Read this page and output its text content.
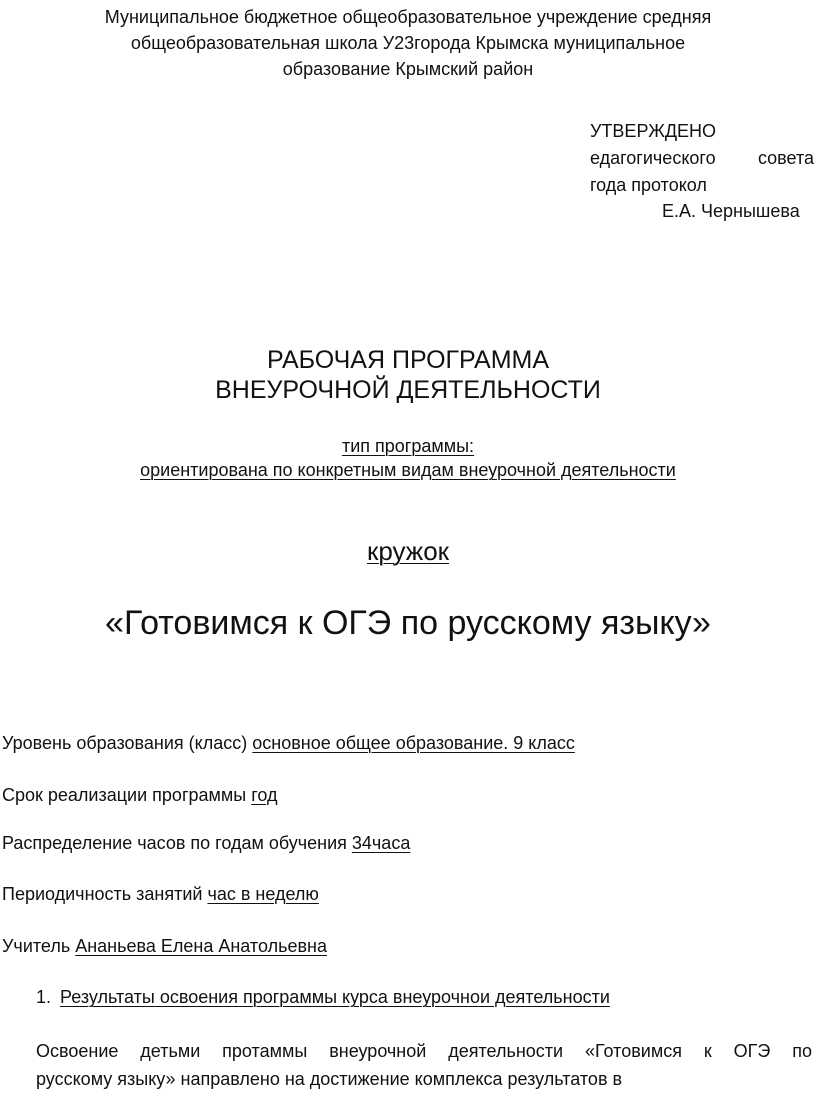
Муниципальное бюджетное общеобразовательное учреждение средняя
общеобразовательная школа У23города Крымска муниципальное
образование Крымский район
УТВЕРЖДЕНО
едагогического совета
года протокол
Е.А. Чернышева
РАБОЧАЯ ПРОГРАММА
ВНЕУРОЧНОЙ ДЕЯТЕЛЬНОСТИ
тип программы:
ориентирована по конкретным видам внеурочной деятельности
кружок
«Готовимся к ОГЭ по русскому языку»
Уровень образования (класс) основное общее образование. 9 класс
Срок реализации программы год
Распределение часов по годам обучения 34часа
Периодичность занятий час в неделю
Учитель Ананьева Елена Анатольевна
1. Результаты освоения программы курса внеурочнои деятельности
Освоение детьми протаммы внеурочной деятельности «Готовимся к ОГЭ по
русскому языку» направлено на достижение комплекса результатов в
